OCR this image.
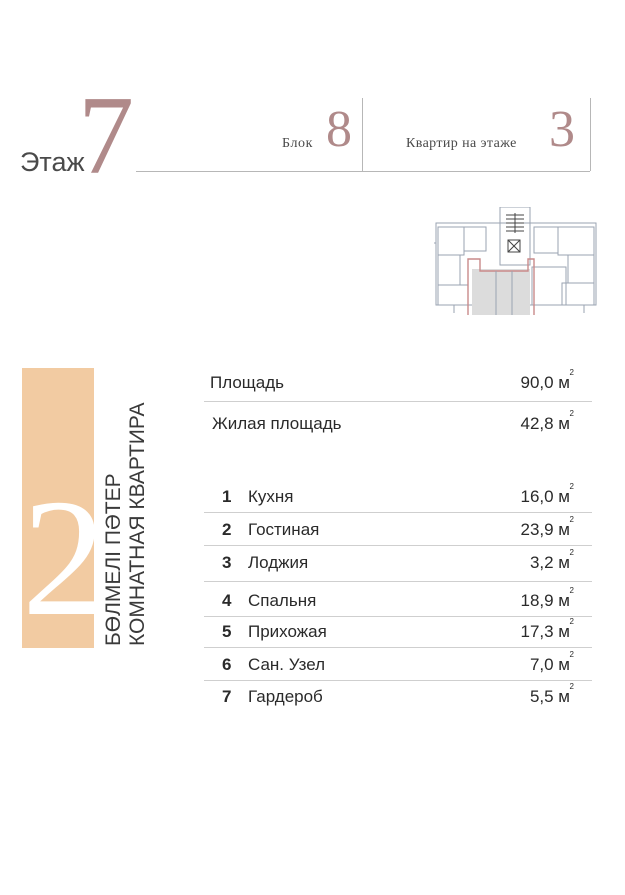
Этаж
7	Блок 8	Квартир на этаже 3
2
БӨЛМЕЛІ ПӘТЕР КОМНАТНАЯ КВАРТИРА
Площадь	90,0 м
2
Жилая площадь	42,8 м
2
1 Кухня	16,0 м
2
2 Гостиная	23,9 м
2
3 Лоджия	3,2 м
2
4 Спальня	18,9 м
2
5 Прихожая	17,3 м
2
6 Сан. Узел	7,0 м
2
7 Гардероб	5,5 м
2
